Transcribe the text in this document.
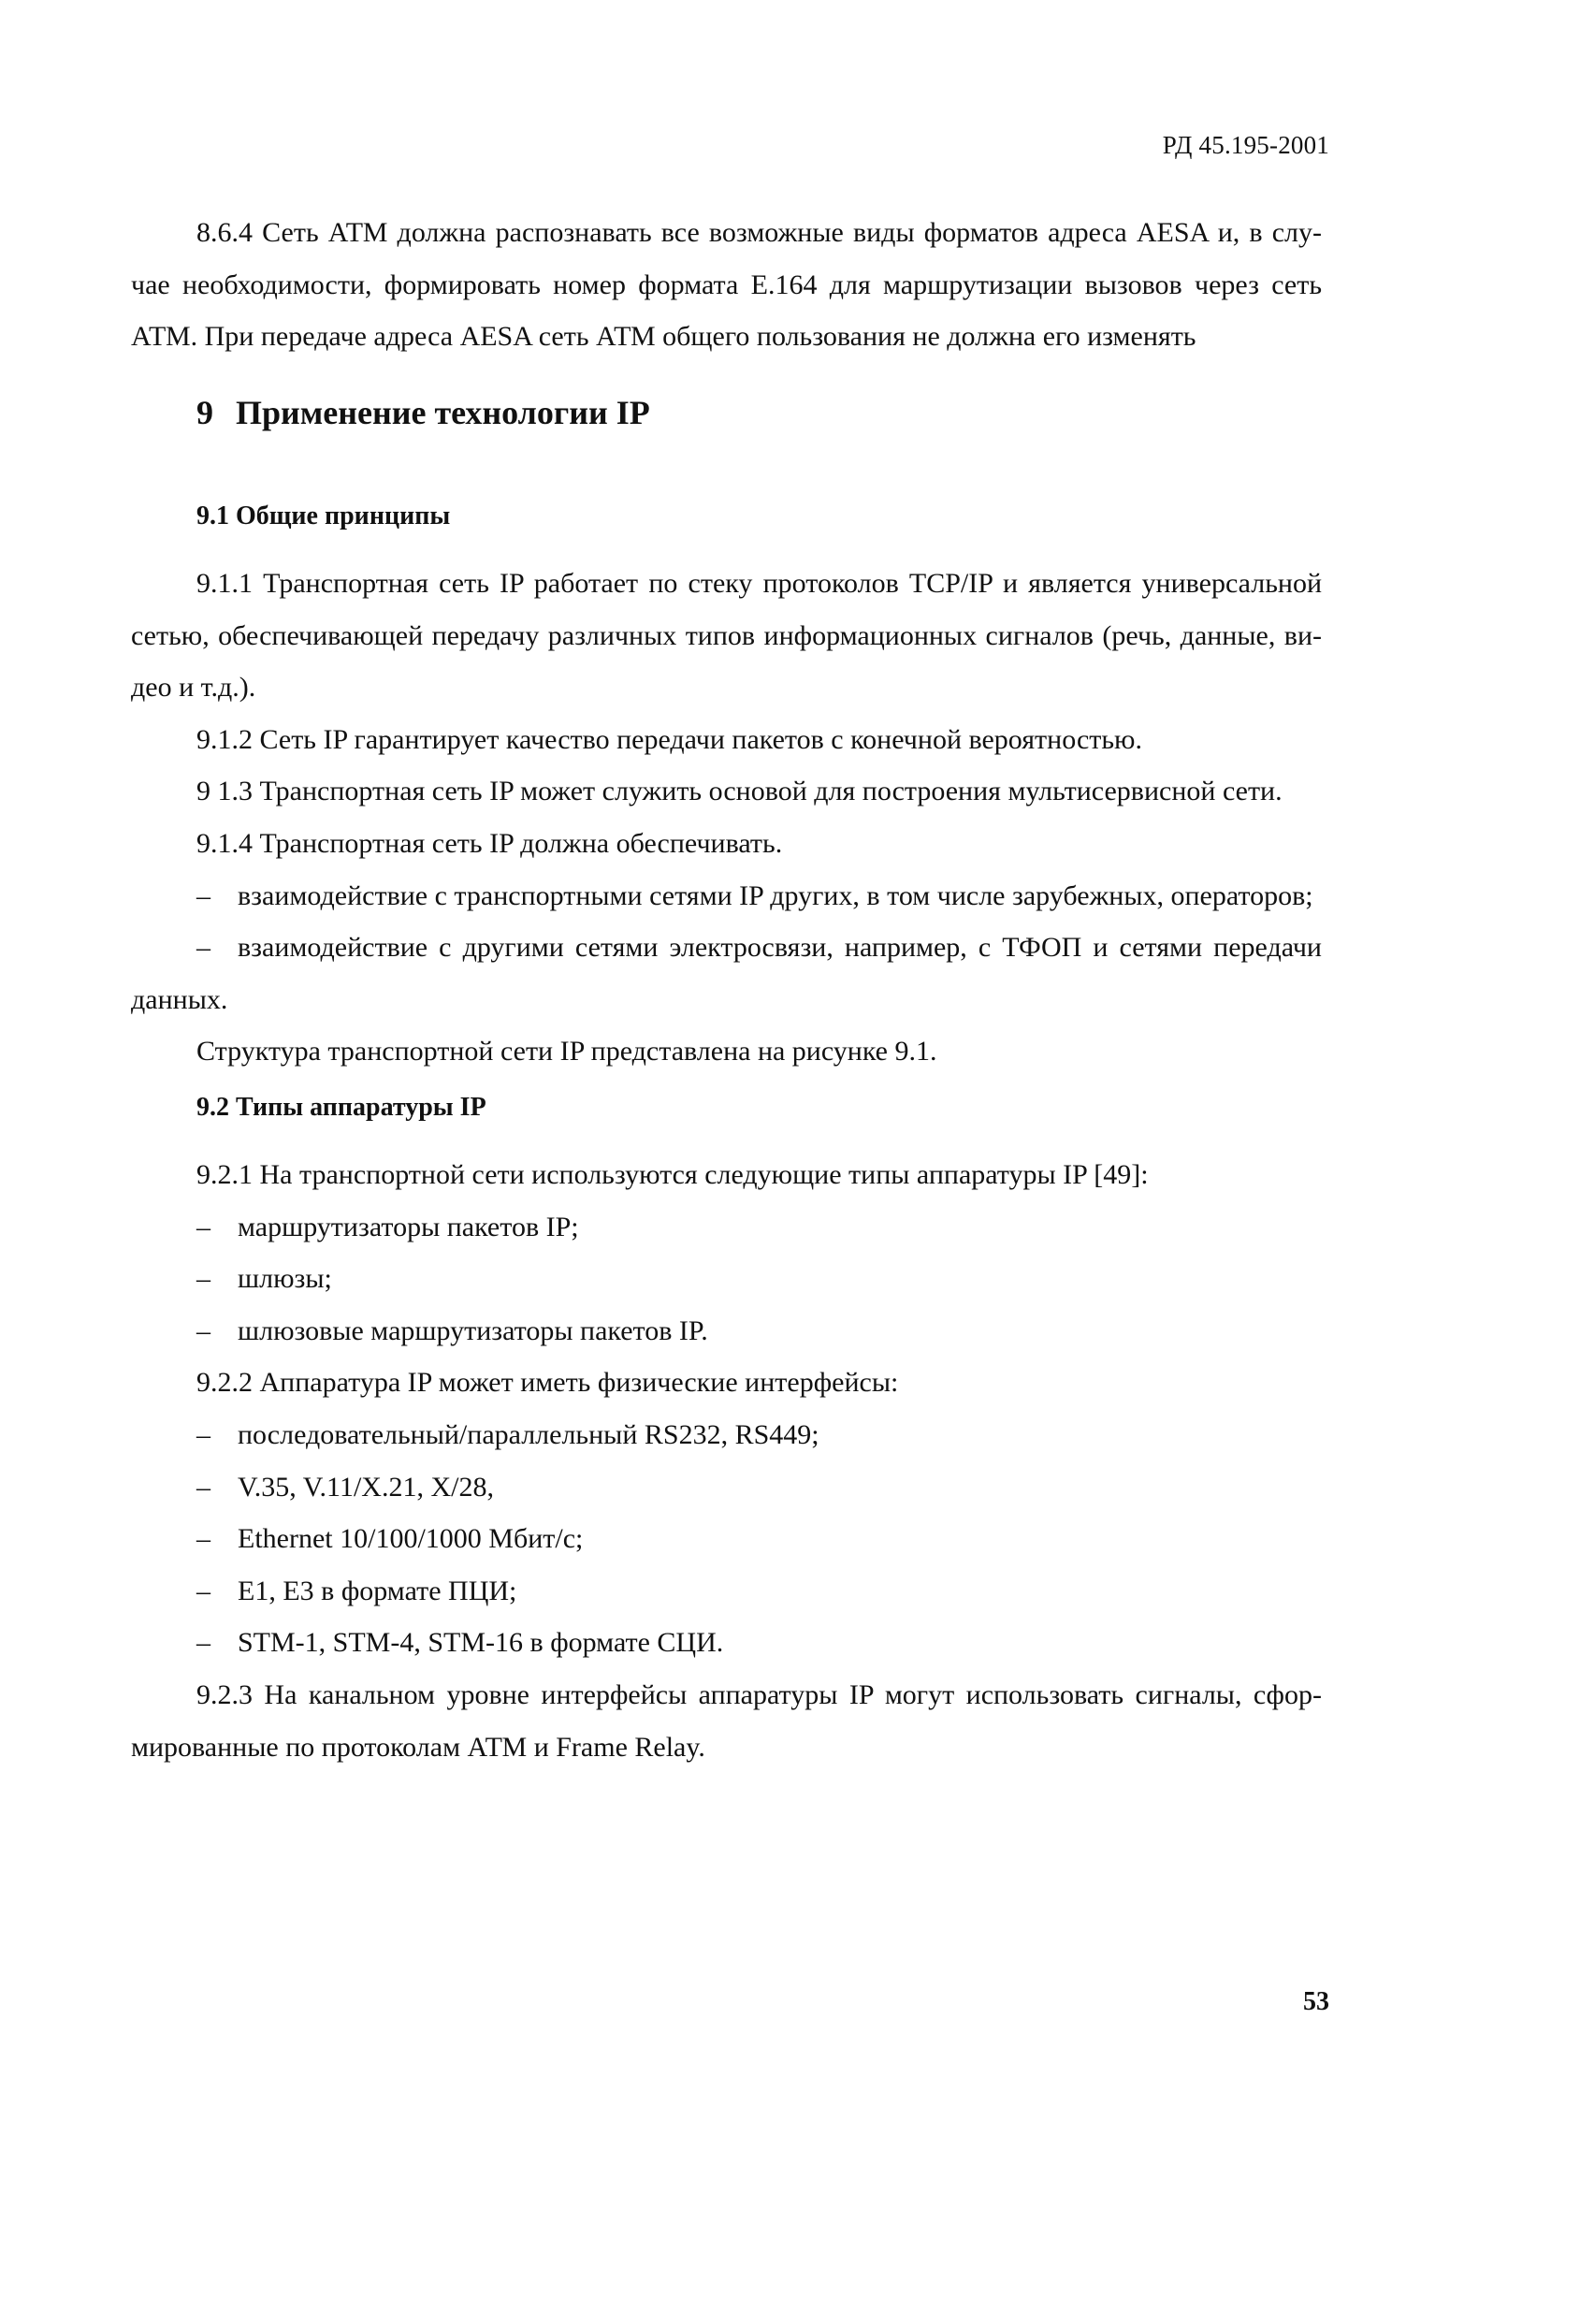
РД 45.195-2001

8.6.4 Сеть АТМ должна распознавать все возможные виды форматов адреса AESA и, в слу-

чае необходимости, формировать номер формата Е.164 для маршрутизации вызовов через сеть

АТМ. При передаче адреса AESA сеть АТМ общего пользования не должна его изменять

9 Применение технологии IP
9.1 Общие принципы

9.1.1 Транспортная сеть IP работает по стеку протоколов TCP/IP и является универсальной

сетью, обеспечивающей передачу различных типов информационных сигналов (речь, данные, ви-

део и т.д.).

9.1.2 Сеть IP гарантирует качество передачи пакетов с конечной вероятностью.

9 1.3 Транспортная сеть IP может служить основой для построения мультисервисной сети.

9.1.4 Транспортная сеть IP должна обеспечивать.

– взаимодействие с транспортными сетями IP других, в том числе зарубежных, операторов;

– взаимодействие с другими сетями электросвязи, например, с ТФОП и сетями передачи

данных.

Структура транспортной сети IP представлена на рисунке 9.1.

9.2 Типы аппаратуры IP

9.2.1 На транспортной сети используются следующие типы аппаратуры IP [49]:

– маршрутизаторы пакетов IP;

– шлюзы;

– шлюзовые маршрутизаторы пакетов IP.

9.2.2 Аппаратура IP может иметь физические интерфейсы:

– последовательный/параллельный RS232, RS449;

– V.35, V.11/X.21, X/28,

– Ethernet 10/100/1000 Мбит/с;

– E1, E3 в формате ПЦИ;

– STM-1, STM-4, STM-16 в формате СЦИ.

9.2.3 На канальном уровне интерфейсы аппаратуры IP могут использовать сигналы, сфор-

мированные по протоколам АТМ и Frame Relay.

53
